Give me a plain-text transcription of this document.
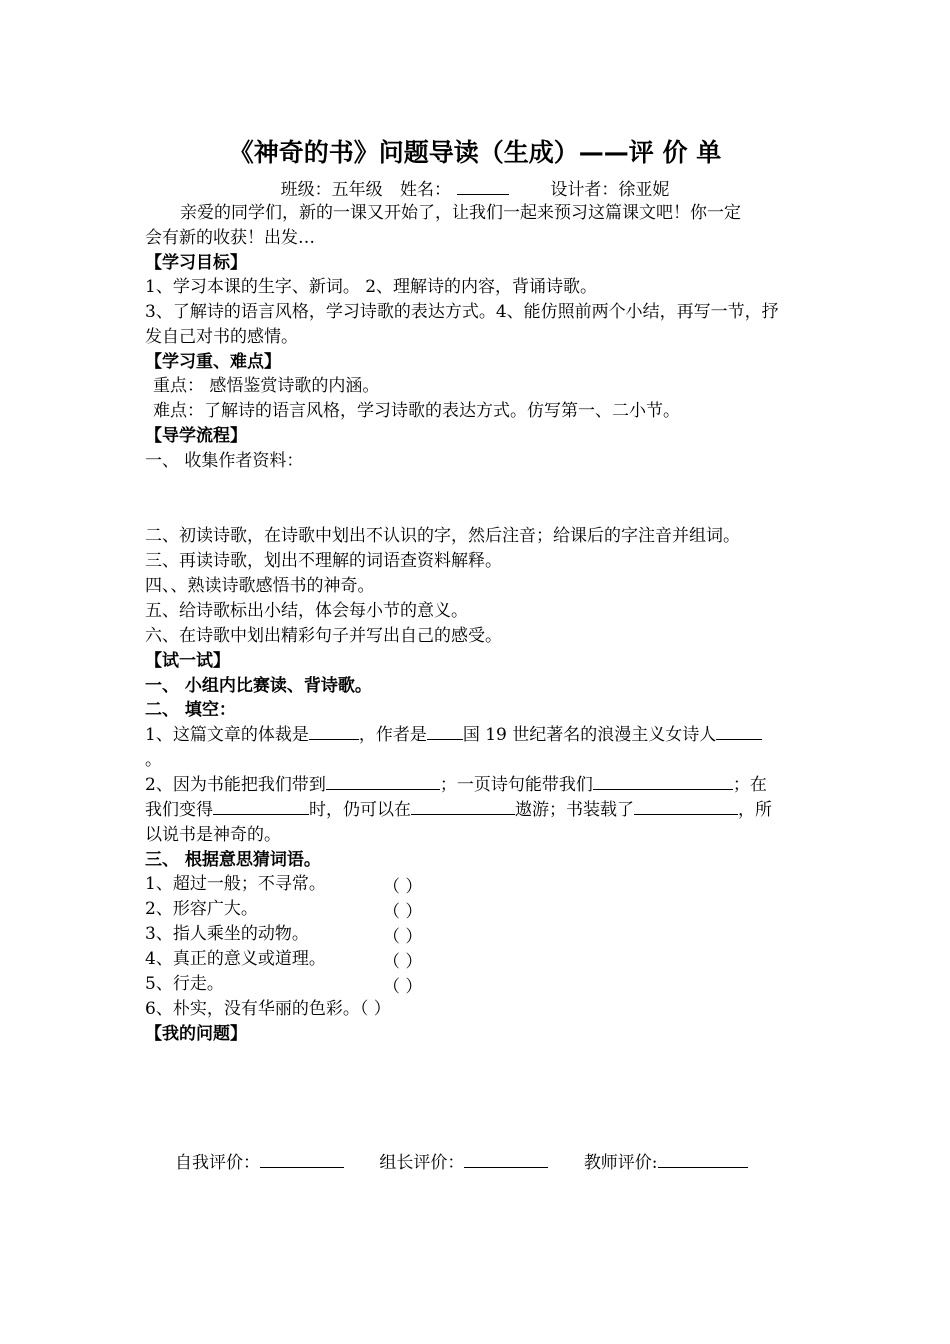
《神奇的书》问题导读（生成）——评 价 单
班级：五年级 姓名：	设计者：徐亚妮
亲爱的同学们，新的一课又开始了，让我们一起来预习这篇课文吧！你一定
会有新的收获！出发…
【学习目标】
1、学习本课的生字、新词。 2、理解诗的内容，背诵诗歌。
3、了解诗的语言风格，学习诗歌的表达方式。4、能仿照前两个小结，再写一节，抒
发自己对书的感情。
【学习重、难点】
重点： 感悟鉴赏诗歌的内涵。
难点：了解诗的语言风格，学习诗歌的表达方式。仿写第一、二小节。
【导学流程】
一、 收集作者资料：
二、初读诗歌，在诗歌中划出不认识的字，然后注音；给课后的字注音并组词。
三、再读诗歌，划出不理解的词语查资料解释。
四、、熟读诗歌感悟书的神奇。
五、给诗歌标出小结，体会每小节的意义。
六、在诗歌中划出精彩句子并写出自己的感受。
【试一试】
一、 小组内比赛读、背诗歌。
二、 填空：
1、这篇文章的体裁是	，作者是 国 19 世纪著名的浪漫主义女诗人
。
2、因为书能把我们带到	；一页诗句能带我们	；在
我们变得	时，仍可以在	遨游；书装载了	，所
以说书是神奇的。
三、 根据意思猜词语。
1、超过一般；不寻常。	（ ）
2、形容广大。	（ ）
3、指人乘坐的动物。	（ ）
4、真正的意义或道理。	（ ）
5、行走。	（ ）
6、朴实，没有华丽的色彩。（ ）
【我的问题】
自我评价：	组长评价：	教师评价:
